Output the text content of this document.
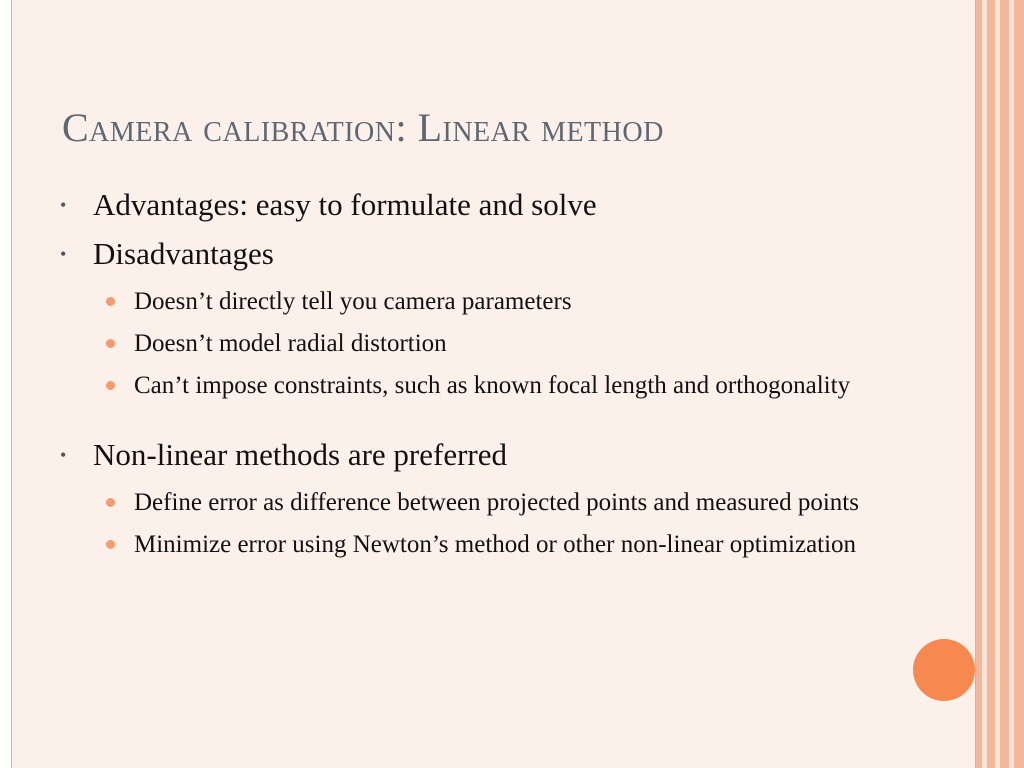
Camera calibration: Linear method
• Advantages: easy to formulate and solve
• Disadvantages
Doesn’t directly tell you camera parameters
Doesn’t model radial distortion
Can’t impose constraints, such as known focal length and orthogonality
• Non-linear methods are preferred
Define error as difference between projected points and measured points
Minimize error using Newton’s method or other non-linear optimization
